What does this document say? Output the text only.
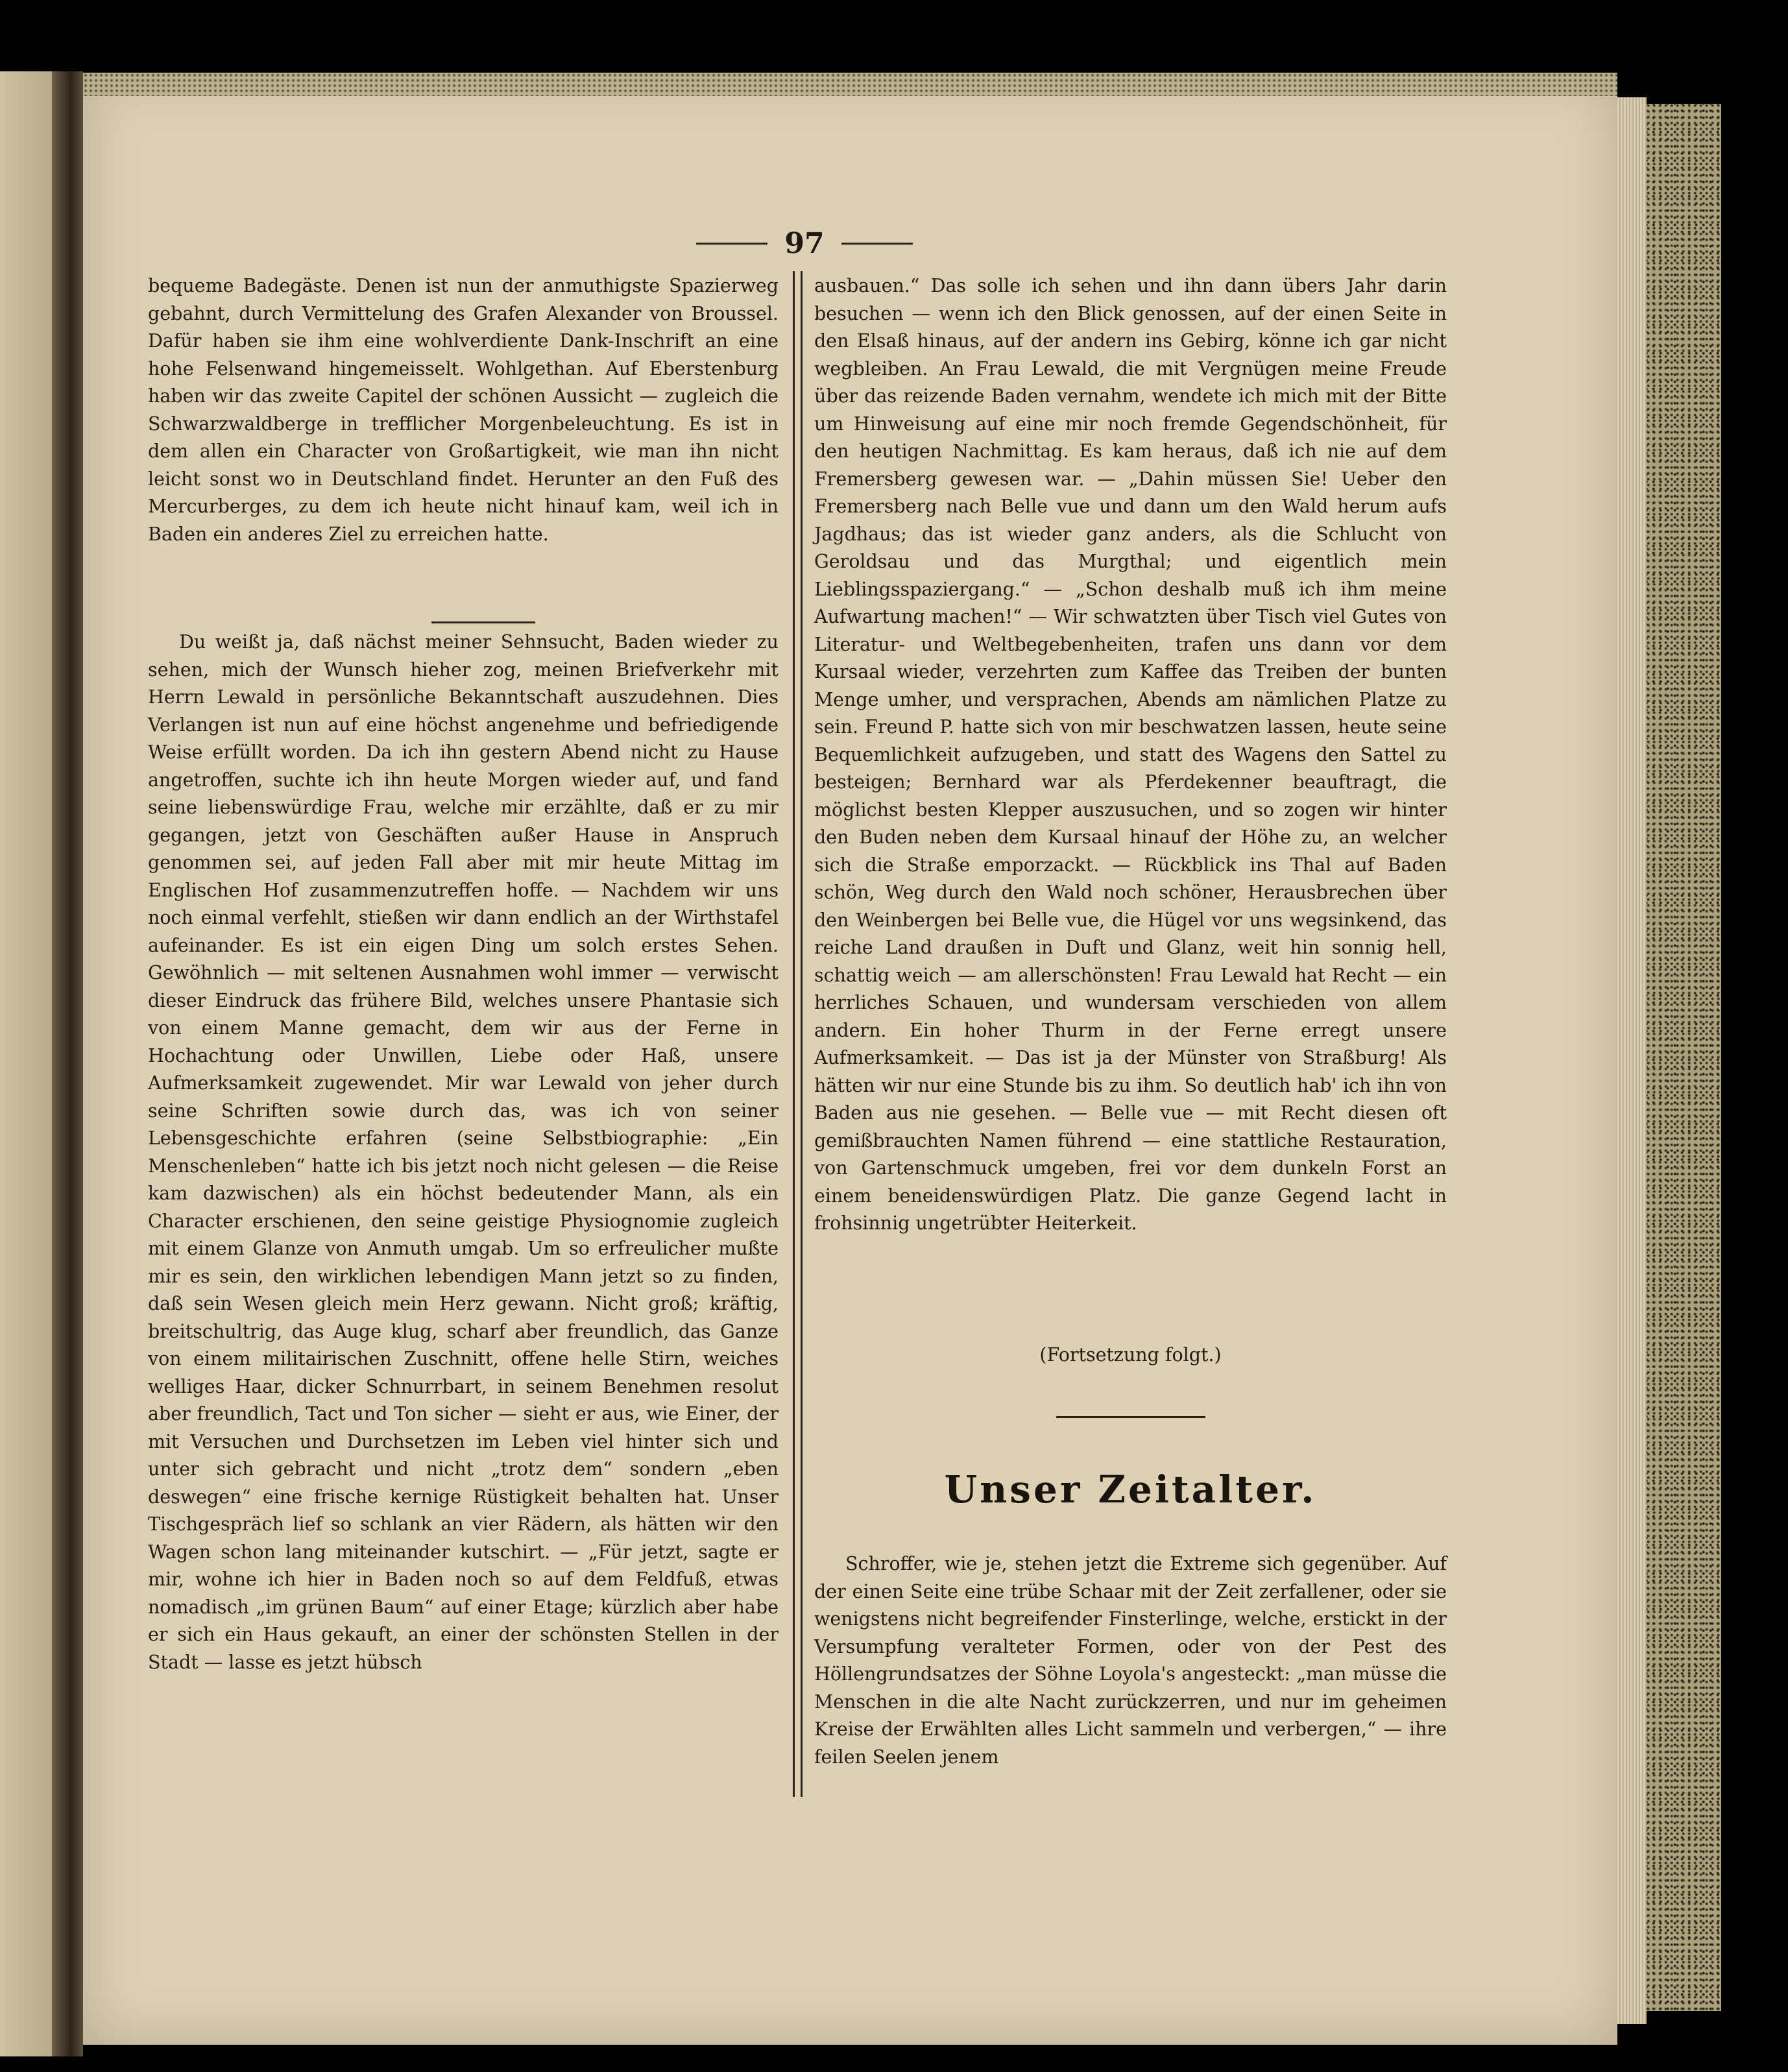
97

bequeme Badegäste. Denen ist nun der anmuthigste Spazierweg gebahnt, durch Vermittelung des Grafen Alexander von Broussel. Dafür haben sie ihm eine wohlverdiente Dank-Inschrift an eine hohe Felsenwand hingemeisselt. Wohlgethan. Auf Eberstenburg haben wir das zweite Capitel der schönen Aussicht — zugleich die Schwarzwaldberge in trefflicher Morgenbeleuchtung. Es ist in dem allen ein Character von Großartigkeit, wie man ihn nicht leicht sonst wo in Deutschland findet. Herunter an den Fuß des Mercurberges, zu dem ich heute nicht hinauf kam, weil ich in Baden ein anderes Ziel zu erreichen hatte.

Du weißt ja, daß nächst meiner Sehnsucht, Baden wieder zu sehen, mich der Wunsch hieher zog, meinen Briefverkehr mit Herrn Lewald in persönliche Bekanntschaft auszudehnen. Dies Verlangen ist nun auf eine höchst angenehme und befriedigende Weise erfüllt worden. Da ich ihn gestern Abend nicht zu Hause angetroffen, suchte ich ihn heute Morgen wieder auf, und fand seine liebenswürdige Frau, welche mir erzählte, daß er zu mir gegangen, jetzt von Geschäften außer Hause in Anspruch genommen sei, auf jeden Fall aber mit mir heute Mittag im Englischen Hof zusammenzutreffen hoffe. — Nachdem wir uns noch einmal verfehlt, stießen wir dann endlich an der Wirthstafel aufeinander. Es ist ein eigen Ding um solch erstes Sehen. Gewöhnlich — mit seltenen Ausnahmen wohl immer — verwischt dieser Eindruck das frühere Bild, welches unsere Phantasie sich von einem Manne gemacht, dem wir aus der Ferne in Hochachtung oder Unwillen, Liebe oder Haß, unsere Aufmerksamkeit zugewendet. Mir war Lewald von jeher durch seine Schriften sowie durch das, was ich von seiner Lebensgeschichte erfahren (seine Selbstbiographie: „Ein Menschenleben“ hatte ich bis jetzt noch nicht gelesen — die Reise kam dazwischen) als ein höchst bedeutender Mann, als ein Character erschienen, den seine geistige Physiognomie zugleich mit einem Glanze von Anmuth umgab. Um so erfreulicher mußte mir es sein, den wirklichen lebendigen Mann jetzt so zu finden, daß sein Wesen gleich mein Herz gewann. Nicht groß; kräftig, breitschultrig, das Auge klug, scharf aber freundlich, das Ganze von einem militairischen Zuschnitt, offene helle Stirn, weiches welliges Haar, dicker Schnurrbart, in seinem Benehmen resolut aber freundlich, Tact und Ton sicher — sieht er aus, wie Einer, der mit Versuchen und Durchsetzen im Leben viel hinter sich und unter sich gebracht und nicht „trotz dem“ sondern „eben deswegen“ eine frische kernige Rüstigkeit behalten hat. Unser Tischgespräch lief so schlank an vier Rädern, als hätten wir den Wagen schon lang miteinander kutschirt. — „Für jetzt, sagte er mir, wohne ich hier in Baden noch so auf dem Feldfuß, etwas nomadisch „im grünen Baum“ auf einer Etage; kürzlich aber habe er sich ein Haus gekauft, an einer der schönsten Stellen in der Stadt — lasse es jetzt hübsch

ausbauen.“ Das solle ich sehen und ihn dann übers Jahr darin besuchen — wenn ich den Blick genossen, auf der einen Seite in den Elsaß hinaus, auf der andern ins Gebirg, könne ich gar nicht wegbleiben. An Frau Lewald, die mit Vergnügen meine Freude über das reizende Baden vernahm, wendete ich mich mit der Bitte um Hinweisung auf eine mir noch fremde Gegendschönheit, für den heutigen Nachmittag. Es kam heraus, daß ich nie auf dem Fremersberg gewesen war. — „Dahin müssen Sie! Ueber den Fremersberg nach Belle vue und dann um den Wald herum aufs Jagdhaus; das ist wieder ganz anders, als die Schlucht von Geroldsau und das Murgthal; und eigentlich mein Lieblingsspaziergang.“ — „Schon deshalb muß ich ihm meine Aufwartung machen!“ — Wir schwatzten über Tisch viel Gutes von Literatur- und Weltbegebenheiten, trafen uns dann vor dem Kursaal wieder, verzehrten zum Kaffee das Treiben der bunten Menge umher, und versprachen, Abends am nämlichen Platze zu sein. Freund P. hatte sich von mir beschwatzen lassen, heute seine Bequemlichkeit aufzugeben, und statt des Wagens den Sattel zu besteigen; Bernhard war als Pferdekenner beauftragt, die möglichst besten Klepper auszusuchen, und so zogen wir hinter den Buden neben dem Kursaal hinauf der Höhe zu, an welcher sich die Straße emporzackt. — Rückblick ins Thal auf Baden schön, Weg durch den Wald noch schöner, Herausbrechen über den Weinbergen bei Belle vue, die Hügel vor uns wegsinkend, das reiche Land draußen in Duft und Glanz, weit hin sonnig hell, schattig weich — am allerschönsten! Frau Lewald hat Recht — ein herrliches Schauen, und wundersam verschieden von allem andern. Ein hoher Thurm in der Ferne erregt unsere Aufmerksamkeit. — Das ist ja der Münster von Straßburg! Als hätten wir nur eine Stunde bis zu ihm. So deutlich hab' ich ihn von Baden aus nie gesehen. — Belle vue — mit Recht diesen oft gemißbrauchten Namen führend — eine stattliche Restauration, von Gartenschmuck umgeben, frei vor dem dunkeln Forst an einem beneidenswürdigen Platz. Die ganze Gegend lacht in frohsinnig ungetrübter Heiterkeit.

(Fortsetzung folgt.)
Unser Zeitalter.

Schroffer, wie je, stehen jetzt die Extreme sich gegenüber. Auf der einen Seite eine trübe Schaar mit der Zeit zerfallener, oder sie wenigstens nicht begreifender Finsterlinge, welche, erstickt in der Versumpfung veralteter Formen, oder von der Pest des Höllengrundsatzes der Söhne Loyola's angesteckt: „man müsse die Menschen in die alte Nacht zurückzerren, und nur im geheimen Kreise der Erwählten alles Licht sammeln und verbergen,“ — ihre feilen Seelen jenem
